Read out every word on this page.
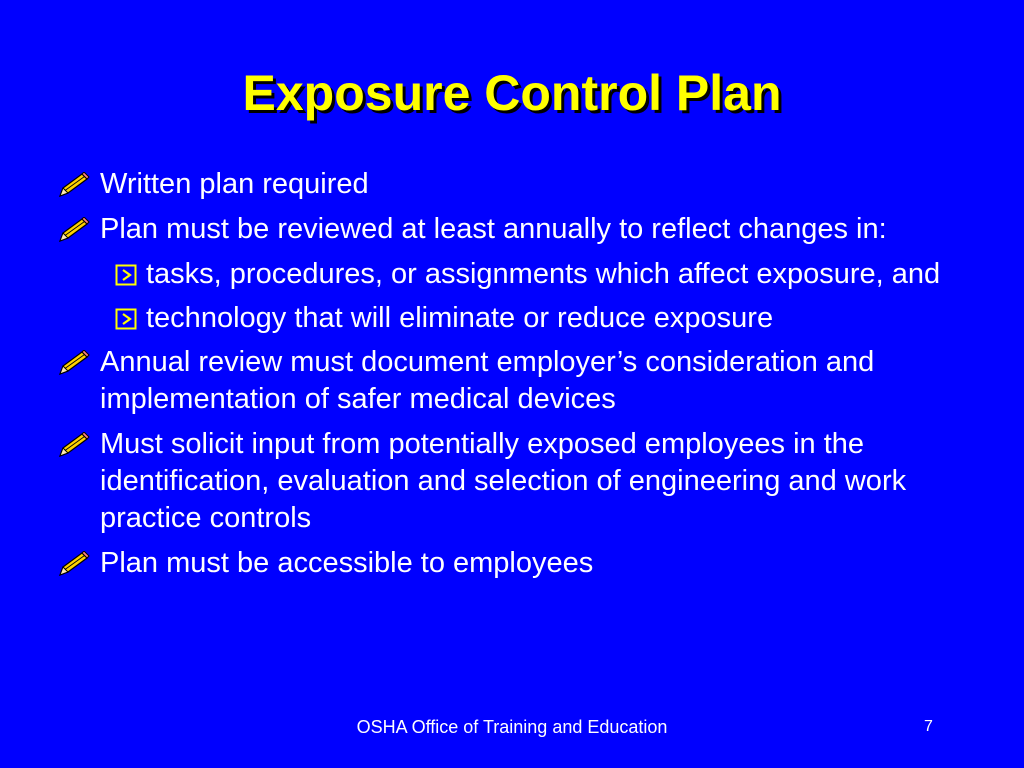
Exposure Control Plan
Written plan required
Plan must be reviewed at least annually to reflect changes in:
tasks, procedures, or assignments which affect exposure, and
technology that will eliminate or reduce exposure
Annual review must document employer’s consideration and implementation of safer medical devices
Must solicit input from potentially exposed employees in the identification, evaluation and selection of engineering and work practice controls
Plan must be accessible to employees
OSHA Office of Training and Education	7
